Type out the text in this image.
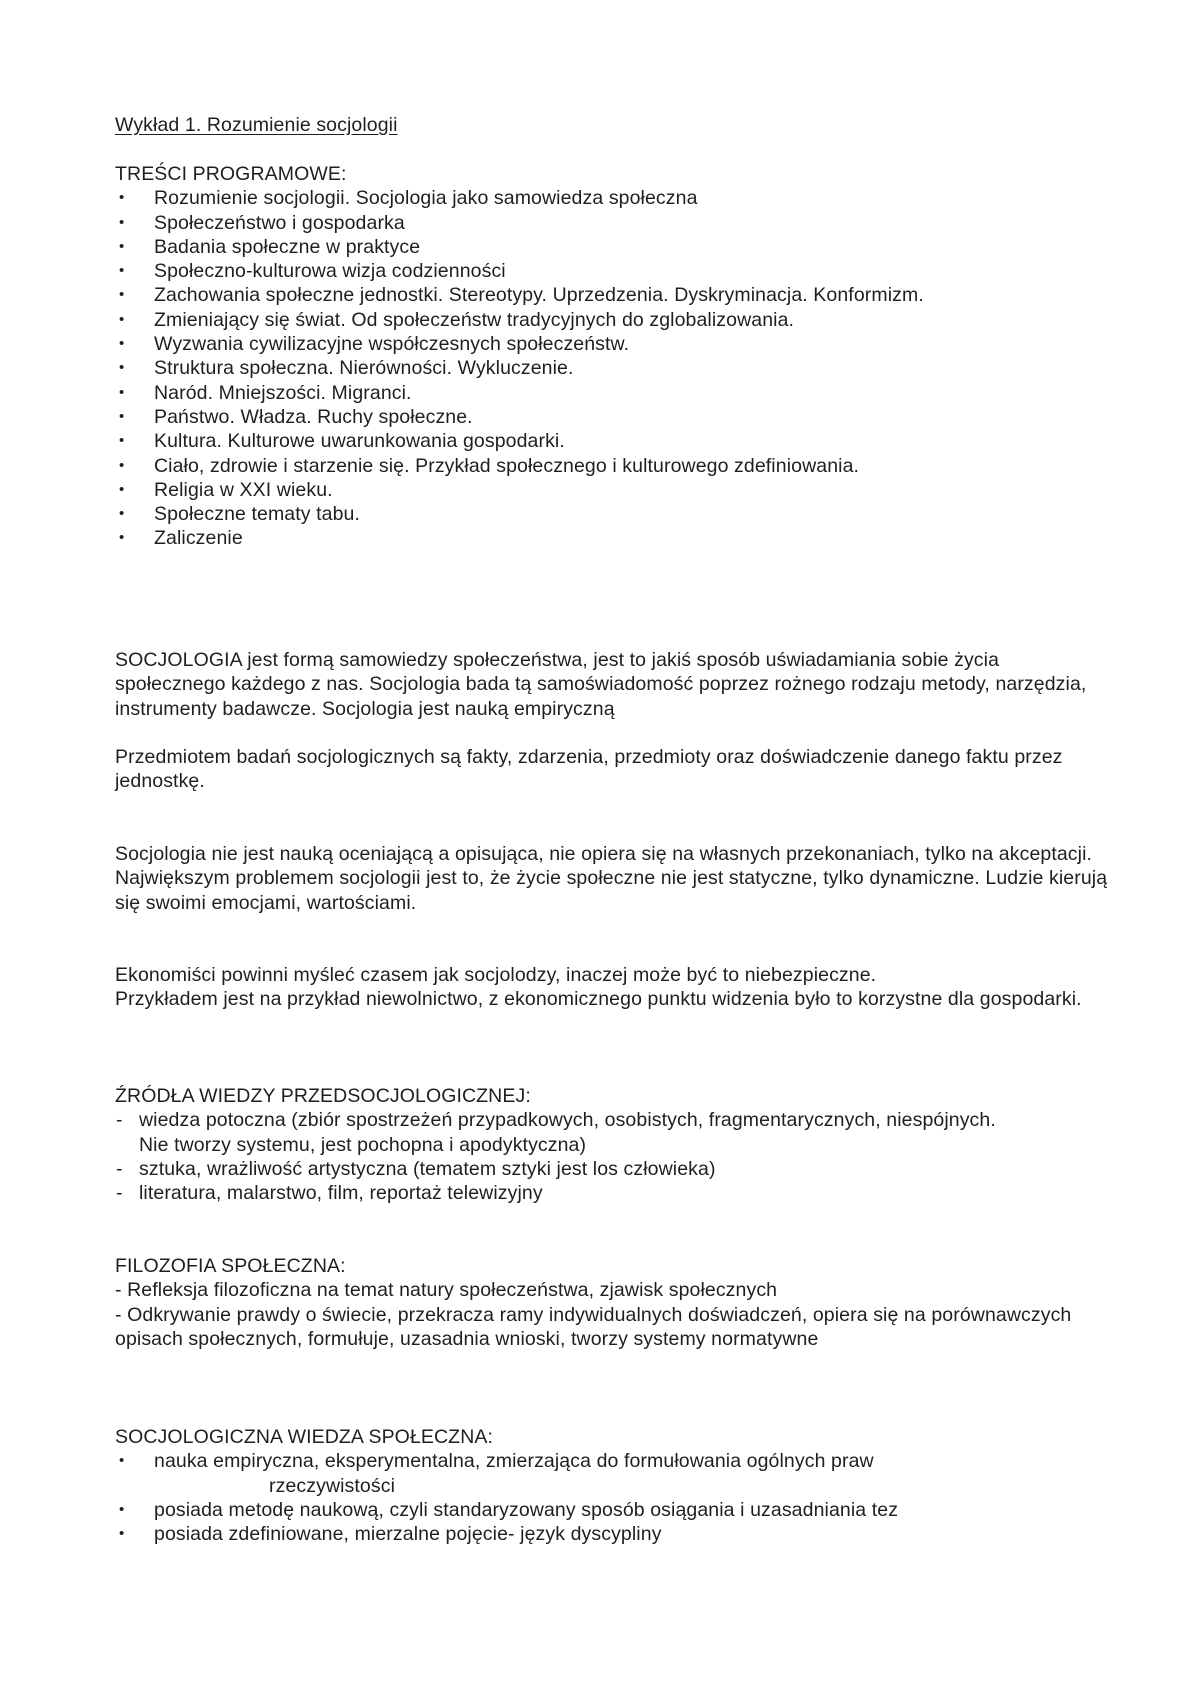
Wykład 1. Rozumienie socjologii

TREŚCI PROGRAMOWE:

• Rozumienie socjologii. Socjologia jako samowiedza społeczna
• Społeczeństwo i gospodarka
• Badania społeczne w praktyce
• Społeczno-kulturowa wizja codzienności
• Zachowania społeczne jednostki. Stereotypy. Uprzedzenia. Dyskryminacja. Konformizm.
• Zmieniający się świat. Od społeczeństw tradycyjnych do zglobalizowania.
• Wyzwania cywilizacyjne współczesnych społeczeństw.
• Struktura społeczna. Nierówności. Wykluczenie.
• Naród. Mniejszości. Migranci.
• Państwo. Władza. Ruchy społeczne.
• Kultura. Kulturowe uwarunkowania gospodarki.
• Ciało, zdrowie i starzenie się. Przykład społecznego i kulturowego zdefiniowania.
• Religia w XXI wieku.
• Społeczne tematy tabu.
• Zaliczenie

SOCJOLOGIA jest formą samowiedzy społeczeństwa, jest to jakiś sposób uświadamiania sobie życia społecznego każdego z nas. Socjologia bada tą samoświadomość poprzez rożnego rodzaju metody, narzędzia, instrumenty badawcze. Socjologia jest nauką empiryczną

Przedmiotem badań socjologicznych są fakty, zdarzenia, przedmioty oraz doświadczenie danego faktu przez jednostkę.

Socjologia nie jest nauką oceniającą a opisująca, nie opiera się na własnych przekonaniach, tylko na akceptacji.

Największym problemem socjologii jest to, że życie społeczne nie jest statyczne, tylko dynamiczne. Ludzie kierują się swoimi emocjami, wartościami.

Ekonomiści powinni myśleć czasem jak socjolodzy, inaczej może być to niebezpieczne.

Przykładem jest na przykład niewolnictwo, z ekonomicznego punktu widzenia było to korzystne dla gospodarki.

ŹRÓDŁA WIEDZY PRZEDSOCJOLOGICZNEJ:

- wiedza potoczna (zbiór spostrzeżeń przypadkowych, osobistych, fragmentarycznych, niespójnych. Nie tworzy systemu, jest pochopna i apodyktyczna)
- sztuka, wrażliwość artystyczna (tematem sztyki jest los człowieka)
- literatura, malarstwo, film, reportaż telewizyjny

FILOZOFIA SPOŁECZNA:

- Refleksja filozoficzna na temat natury społeczeństwa, zjawisk społecznych

- Odkrywanie prawdy o świecie, przekracza ramy indywidualnych doświadczeń, opiera się na porównawczych opisach społecznych, formułuje, uzasadnia wnioski, tworzy systemy normatywne

SOCJOLOGICZNA WIEDZA SPOŁECZNA:

• nauka empiryczna, eksperymentalna, zmierzająca do formułowania ogólnych praw
rzeczywistości
• posiada metodę naukową, czyli standaryzowany sposób osiągania i uzasadniania tez
• posiada zdefiniowane, mierzalne pojęcie- język dyscypliny
